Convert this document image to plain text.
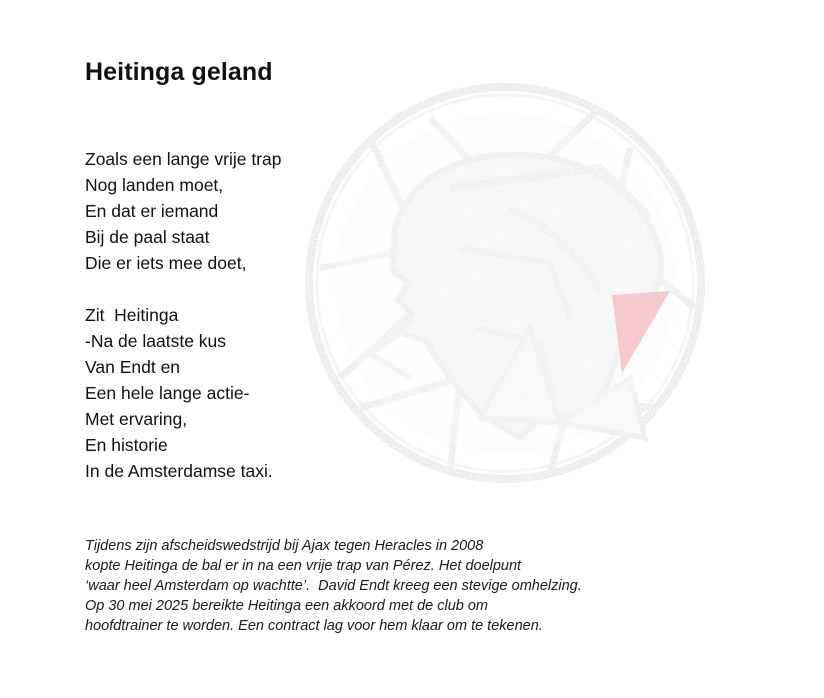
Heitinga geland
Zoals een lange vrije trap
Nog landen moet,
En dat er iemand
Bij de paal staat
Die er iets mee doet,
Zit  Heitinga
-Na de laatste kus
Van Endt en
Een hele lange actie-
Met ervaring,
En historie
In de Amsterdamse taxi.
Tijdens zijn afscheidswedstrijd bij Ajax tegen Heracles in 2008
kopte Heitinga de bal er in na een vrije trap van Pérez. Het doelpunt
‘waar heel Amsterdam op wachtte’.  David Endt kreeg een stevige omhelzing.
Op 30 mei 2025 bereikte Heitinga een akkoord met de club om
hoofdtrainer te worden. Een contract lag voor hem klaar om te tekenen.
